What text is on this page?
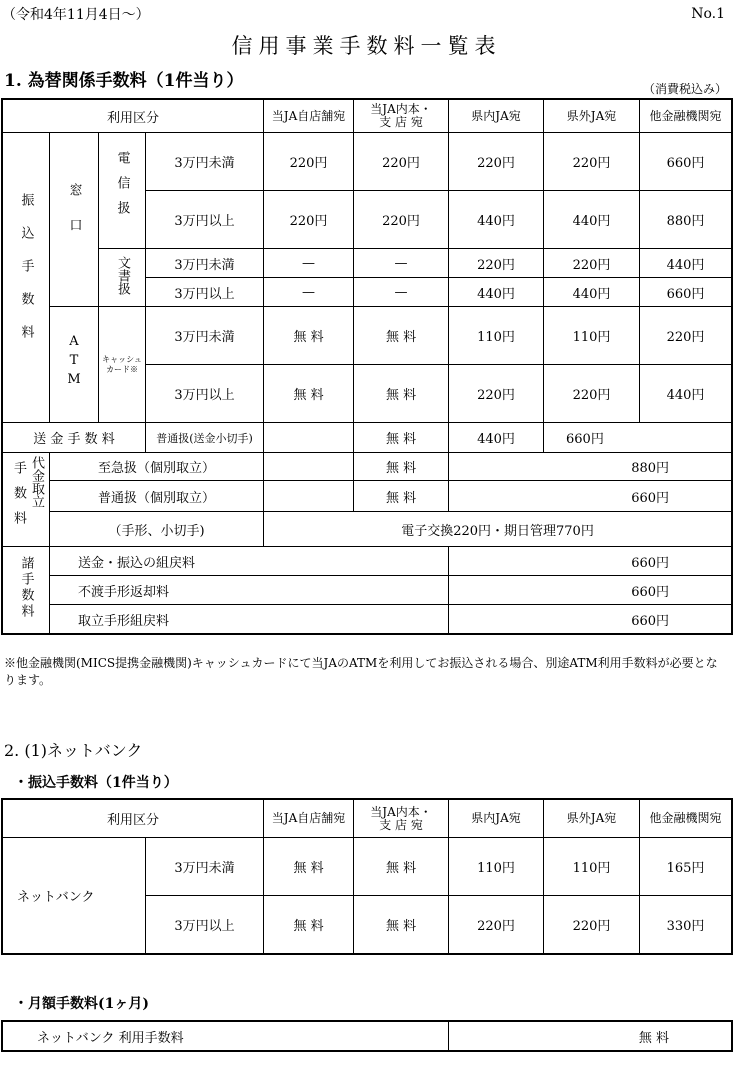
（令和4年11月4日～）	No.1
信用事業手数料一覧表
1. 為替関係手数料（1件当り）	（消費税込み）
利用区分				当JA自店舗宛	当JA内本・
支 店 宛	県内JA宛	県外JA宛	他金融機関宛
振込手数料	窓口	電信扱	3万円未満	220円	220円	220円	220円	660円
			3万円以上	220円	220円	440円	440円	880円
		文書扱	3万円未満	—	—	220円	220円	440円
			3万円以上	—	—	440円	440円	660円
	ATM	キャッシュカード※	3万円未満	無 料	無 料	110円	110円	220円
			3万円以上	無 料	無 料	220円	220円	440円
送 金 手 数 料			普通扱(送金小切手)		無 料	440円	660円	

代金取立
手数料	至急扱（個別取立）				無 料	880円		
	普通扱（個別取立）				無 料	660円		
	（手形、小切手)			電子交換220円・期日管理770円				
諸手数料	送金・振込の組戻料					660円		
	不渡手形返却料					660円		
	取立手形組戻料					660円		
※他金融機関(MICS提携金融機関)キャッシュカードにて当JAのATMを利用してお振込される場合、別途ATM利用手数料が必要となります。
2. (1)ネットバンク
・振込手数料（1件当り）
利用区分		当JA自店舗宛	当JA内本・
支 店 宛	県内JA宛	県外JA宛	他金融機関宛
ネットバンク	3万円未満	無 料	無 料	110円	110円	165円
	3万円以上	無 料	無 料	220円	220円	330円
・月額手数料(1ヶ月)
ネットバンク 利用手数料	無 料
